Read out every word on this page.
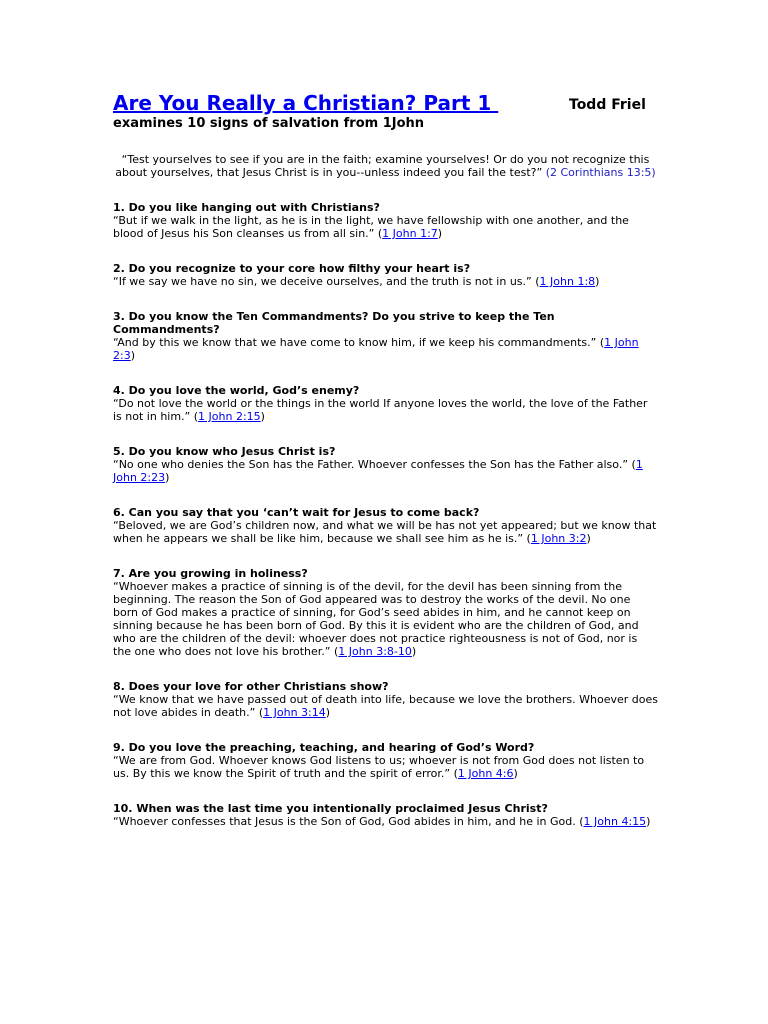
Are You Really a Christian? Part 1	Todd Friel
examines 10 signs of salvation from 1John

“Test yourselves to see if you are in the faith; examine yourselves! Or do you not recognize this about yourselves, that Jesus Christ is in you--unless indeed you fail the test?” (2 Corinthians 13:5)

1. Do you like hanging out with Christians?
“But if we walk in the light, as he is in the light, we have fellowship with one another, and the blood of Jesus his Son cleanses us from all sin.” (1 John 1:7)
2. Do you recognize to your core how filthy your heart is?
“If we say we have no sin, we deceive ourselves, and the truth is not in us.” (1 John 1:8)
3. Do you know the Ten Commandments? Do you strive to keep the Ten Commandments?
“And by this we know that we have come to know him, if we keep his commandments.” (1 John 2:3)
4. Do you love the world, God’s enemy?
“Do not love the world or the things in the world If anyone loves the world, the love of the Father is not in him.” (1 John 2:15)
5. Do you know who Jesus Christ is?
“No one who denies the Son has the Father. Whoever confesses the Son has the Father also.” (1 John 2:23)
6. Can you say that you ‘can’t wait for Jesus to come back?
“Beloved, we are God’s children now, and what we will be has not yet appeared; but we know that when he appears we shall be like him, because we shall see him as he is.” (1 John 3:2)
7. Are you growing in holiness?
“Whoever makes a practice of sinning is of the devil, for the devil has been sinning from the beginning. The reason the Son of God appeared was to destroy the works of the devil. No one born of God makes a practice of sinning, for God’s seed abides in him, and he cannot keep on sinning because he has been born of God. By this it is evident who are the children of God, and who are the children of the devil: whoever does not practice righteousness is not of God, nor is the one who does not love his brother.” (1 John 3:8-10)
8. Does your love for other Christians show?
“We know that we have passed out of death into life, because we love the brothers. Whoever does not love abides in death.” (1 John 3:14)
9. Do you love the preaching, teaching, and hearing of God’s Word?
“We are from God. Whoever knows God listens to us; whoever is not from God does not listen to us. By this we know the Spirit of truth and the spirit of error.” (1 John 4:6)
10. When was the last time you intentionally proclaimed Jesus Christ?
“Whoever confesses that Jesus is the Son of God, God abides in him, and he in God. (1 John 4:15)
